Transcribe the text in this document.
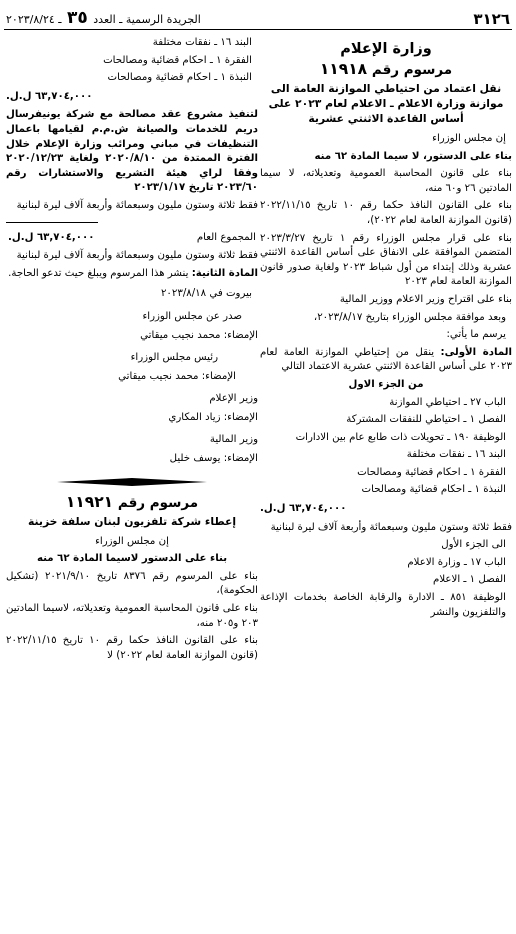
٣١٢٦
الجريدة الرسمية ـ العدد ٣٥ ـ ٢٠٢٣/٨/٢٤
وزارة الإعلام
مرسوم رقم ١١٩١٨
نقل اعتماد من احتياطي الموازنة العامة الى موازنة وزارة الاعلام ـ الاعلام لعام ٢٠٢٣ على أساس القاعدة الاثنتي عشرية

إن مجلس الوزراء

بناء على الدستور، لا سيما المادة ٦٢ منه

بناء على قانون المحاسبة العمومية وتعديلاته، لا سيما المادتين ٢٦ و٦٠ منه،

بناء على القانون النافذ حكما رقم ١٠ تاريخ ٢٠٢٢/١١/١٥ (قانون الموازنة العامة لعام ٢٠٢٢)،

بناء على قرار مجلس الوزراء رقم ١ تاريخ ٢٠٢٣/٣/٢٧ المتضمن الموافقة على الانفاق على أساس القاعدة الاثنتي عشرية وذلك إبتداء من أول شباط ٢٠٢٣ ولغاية صدور قانون الموازنة العامة لعام ٢٠٢٣

بناء على اقتراح وزير الاعلام ووزير المالية

وبعد موافقة مجلس الوزراء بتاريخ ٢٠٢٣/٨/١٧،

يرسم ما يأتي:

المادة الأولى: ينقل من إحتياطي الموازنة العامة لعام ٢٠٢٣ على أساس القاعدة الاثنتي عشرية الاعتماد التالي

من الجزء الاول

الباب ٢٧ ـ احتياطي الموازنة

الفصل ١ ـ احتياطي للنفقات المشتركة

الوظيفة ١٩٠ ـ تحويلات ذات طابع عام بين الادارات

البند ١٦ ـ نفقات مختلفة

الفقرة ١ ـ احكام قضائية ومصالحات

النبذة ١ ـ احكام قضائية ومصالحات

٦٣,٧٠٤,٠٠٠ ل.ل.

فقط ثلاثة وستون مليون وسبعمائة وأربعة آلاف ليرة لبنانية

الى الجزء الأول

الباب ١٧ ـ وزارة الاعلام

الفصل ١ ـ الاعلام

الوظيفة ٨٥١ ـ الادارة والرقابة الخاصة بخدمات الإذاعة والتلفزيون والنشر

البند ١٦ ـ نفقات مختلفة

الفقرة ١ ـ احكام قضائية ومصالحات

النبذة ١ ـ احكام قضائية ومصالحات

٦٣,٧٠٤,٠٠٠ ل.ل.

لتنفيذ مشروع عقد مصالحة مع شركة يونيفرسال دريم للخدمات والصيانة ش.م.م لقيامها باعمال التنظيفات في مباني ومرائب وزارة الإعلام خلال الفترة الممتدة من ٢٠٢٠/٨/١٠ ولغاية ٢٠٢٠/١٢/٢٣ وفقا لراي هيئة التشريع والاستشارات رقم ٢٠٢٣/٦٠ تاريخ ٢٠٢٣/١/١٧

فقط ثلاثة وستون مليون وسبعمائة وأربعة آلاف ليرة لبنانية

المجموع العام
٦٣,٧٠٤,٠٠٠ ل.ل.

فقط ثلاثة وستون مليون وسبعمائة وأربعة آلاف ليرة لبنانية

المادة الثانية: ينشر هذا المرسوم ويبلغ حيث تدعو الحاجة.

بيروت في ٢٠٢٣/٨/١٨

صدر عن مجلس الوزراء

الإمضاء: محمد نجيب ميقاتي

رئيس مجلس الوزراء

الإمضاء: محمد نجيب ميقاتي

وزير الإعلام

الإمضاء: زياد المكاري

وزير المالية

الإمضاء: يوسف خليل

مرسوم رقم ١١٩٢١
إعطاء شركة تلفزيون لبنان سلفة خزينة

إن مجلس الوزراء

بناء على الدستور لاسيما المادة ٦٢ منه

بناء على المرسوم رقم ٨٣٧٦ تاريخ ٢٠٢١/٩/١٠ (تشكيل الحكومة)،

بناء على قانون المحاسبة العمومية وتعديلاته، لاسيما المادتين ٢٠٣ و٢٠٥ منه،

بناء على القانون النافذ حكما رقم ١٠ تاريخ ٢٠٢٢/١١/١٥ (قانون الموازنة العامة لعام ٢٠٢٢) لا
